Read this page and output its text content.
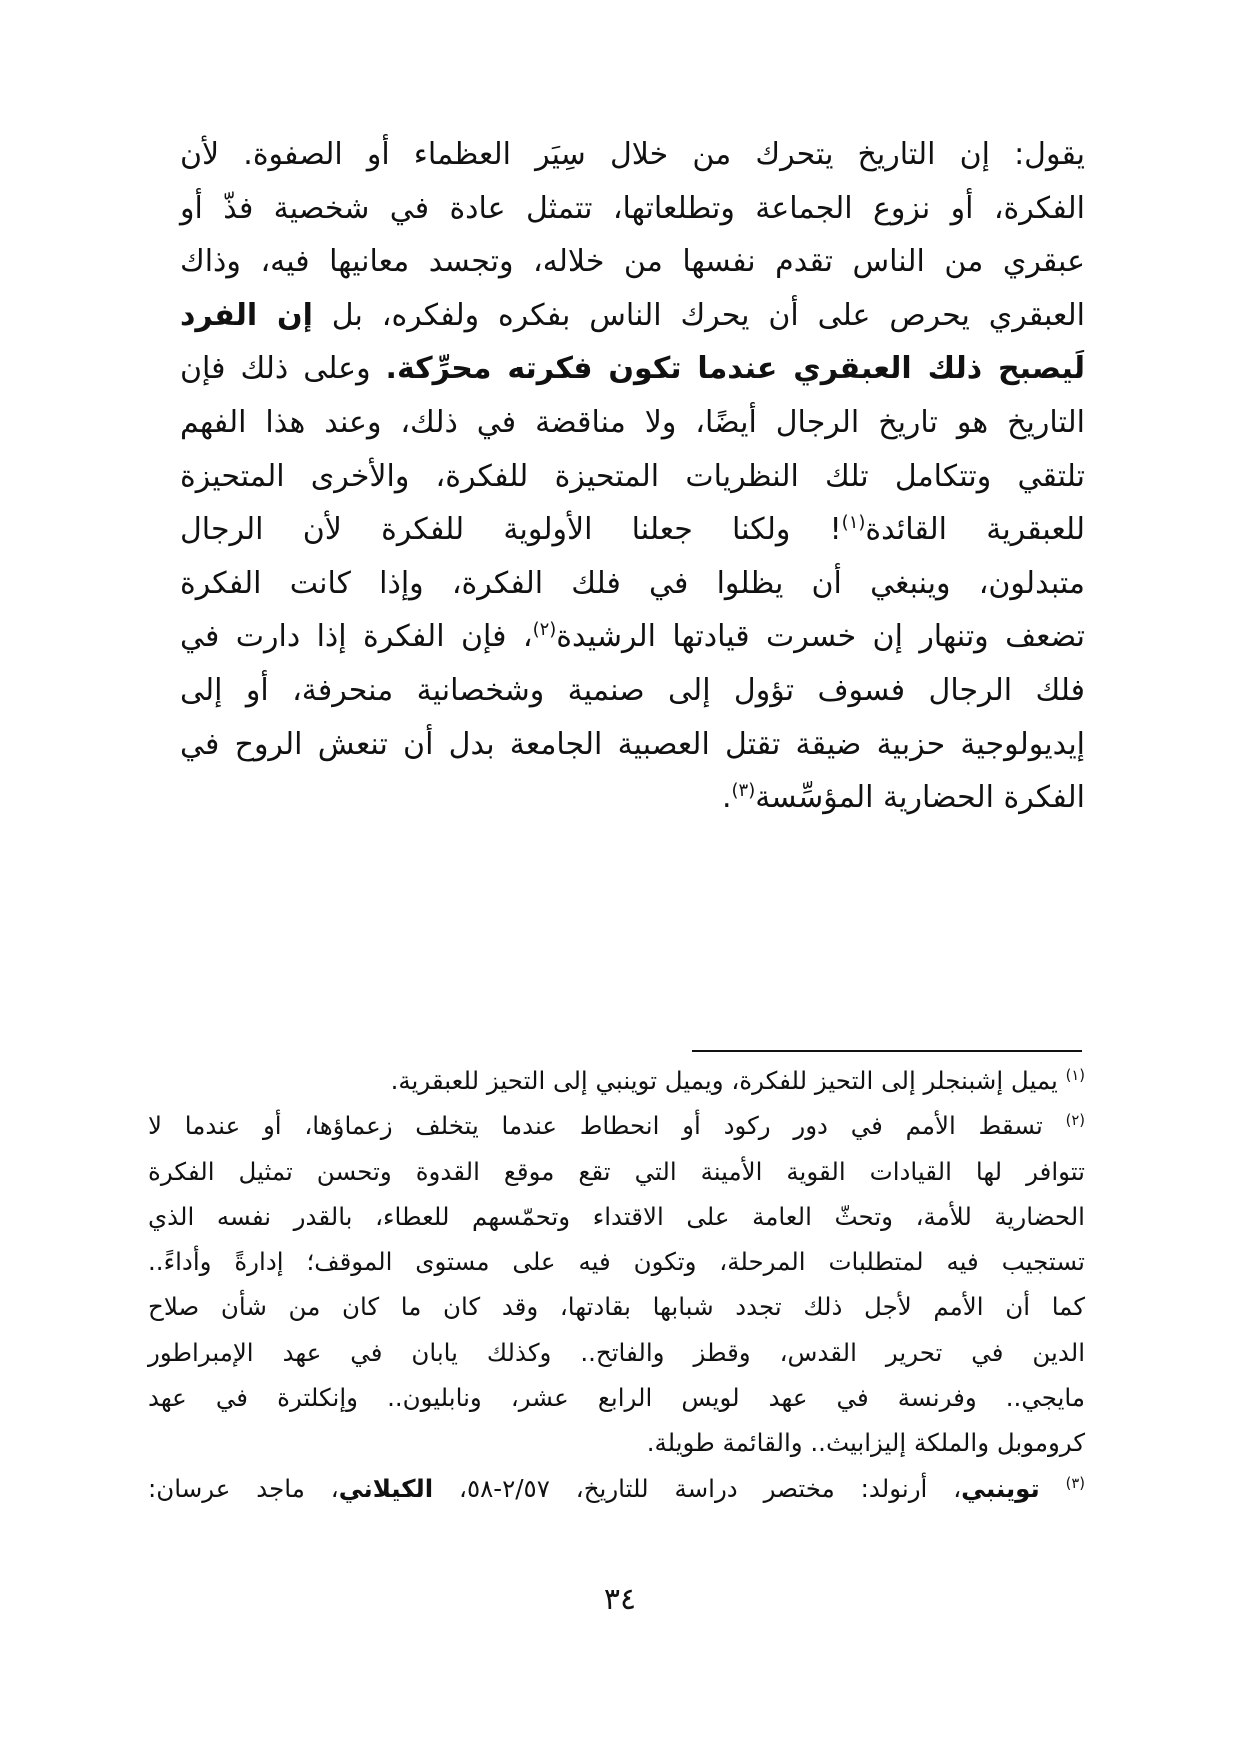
يقول: إن التاريخ يتحرك من خلال سِيَر العظماء أو الصفوة. لأن
الفكرة، أو نزوع الجماعة وتطلعاتها، تتمثل عادة في شخصية فذّ أو
عبقري من الناس تقدم نفسها من خلاله، وتجسد معانيها فيه، وذاك
العبقري يحرص على أن يحرك الناس بفكره ولفكره، بل إن الفرد
لَيصبح ذلك العبقري عندما تكون فكرته محرِّكة. وعلى ذلك فإن
التاريخ هو تاريخ الرجال أيضًا، ولا مناقضة في ذلك، وعند هذا الفهم
تلتقي وتتكامل تلك النظريات المتحيزة للفكرة، والأخرى المتحيزة
للعبقرية القائدة$^{(١)}$! ولكنا جعلنا الأولوية للفكرة لأن الرجال
متبدلون، وينبغي أن يظلوا في فلك الفكرة، وإذا كانت الفكرة
تضعف وتنهار إن خسرت قيادتها الرشيدة$^{(٢)}$، فإن الفكرة إذا دارت في
فلك الرجال فسوف تؤول إلى صنمية وشخصانية منحرفة، أو إلى
إيديولوجية حزبية ضيقة تقتل العصبية الجامعة بدل أن تنعش الروح في
الفكرة الحضارية المؤسِّسة$^{(٣)}$.
$^{(١)}$ يميل إشبنجلر إلى التحيز للفكرة، ويميل توينبي إلى التحيز للعبقرية.
$^{(٢)}$ تسقط الأمم في دور ركود أو انحطاط عندما يتخلف زعماؤها، أو عندما لا
تتوافر لها القيادات القوية الأمينة التي تقع موقع القدوة وتحسن تمثيل الفكرة
الحضارية للأمة، وتحثّ العامة على الاقتداء وتحمّسهم للعطاء، بالقدر نفسه الذي
تستجيب فيه لمتطلبات المرحلة، وتكون فيه على مستوى الموقف؛ إدارةً وأداءً..
كما أن الأمم لأجل ذلك تجدد شبابها بقادتها، وقد كان ما كان من شأن صلاح
الدين في تحرير القدس، وقطز والفاتح.. وكذلك يابان في عهد الإمبراطور
مايجي.. وفرنسة في عهد لويس الرابع عشر، ونابليون.. وإنكلترة في عهد
كروموبل والملكة إليزابيث.. والقائمة طويلة.
$^{(٣)}$ توينبي، أرنولد: مختصر دراسة للتاريخ، ٢/٥٧-٥٨، الكيلاني، ماجد عرسان:
٣٤
